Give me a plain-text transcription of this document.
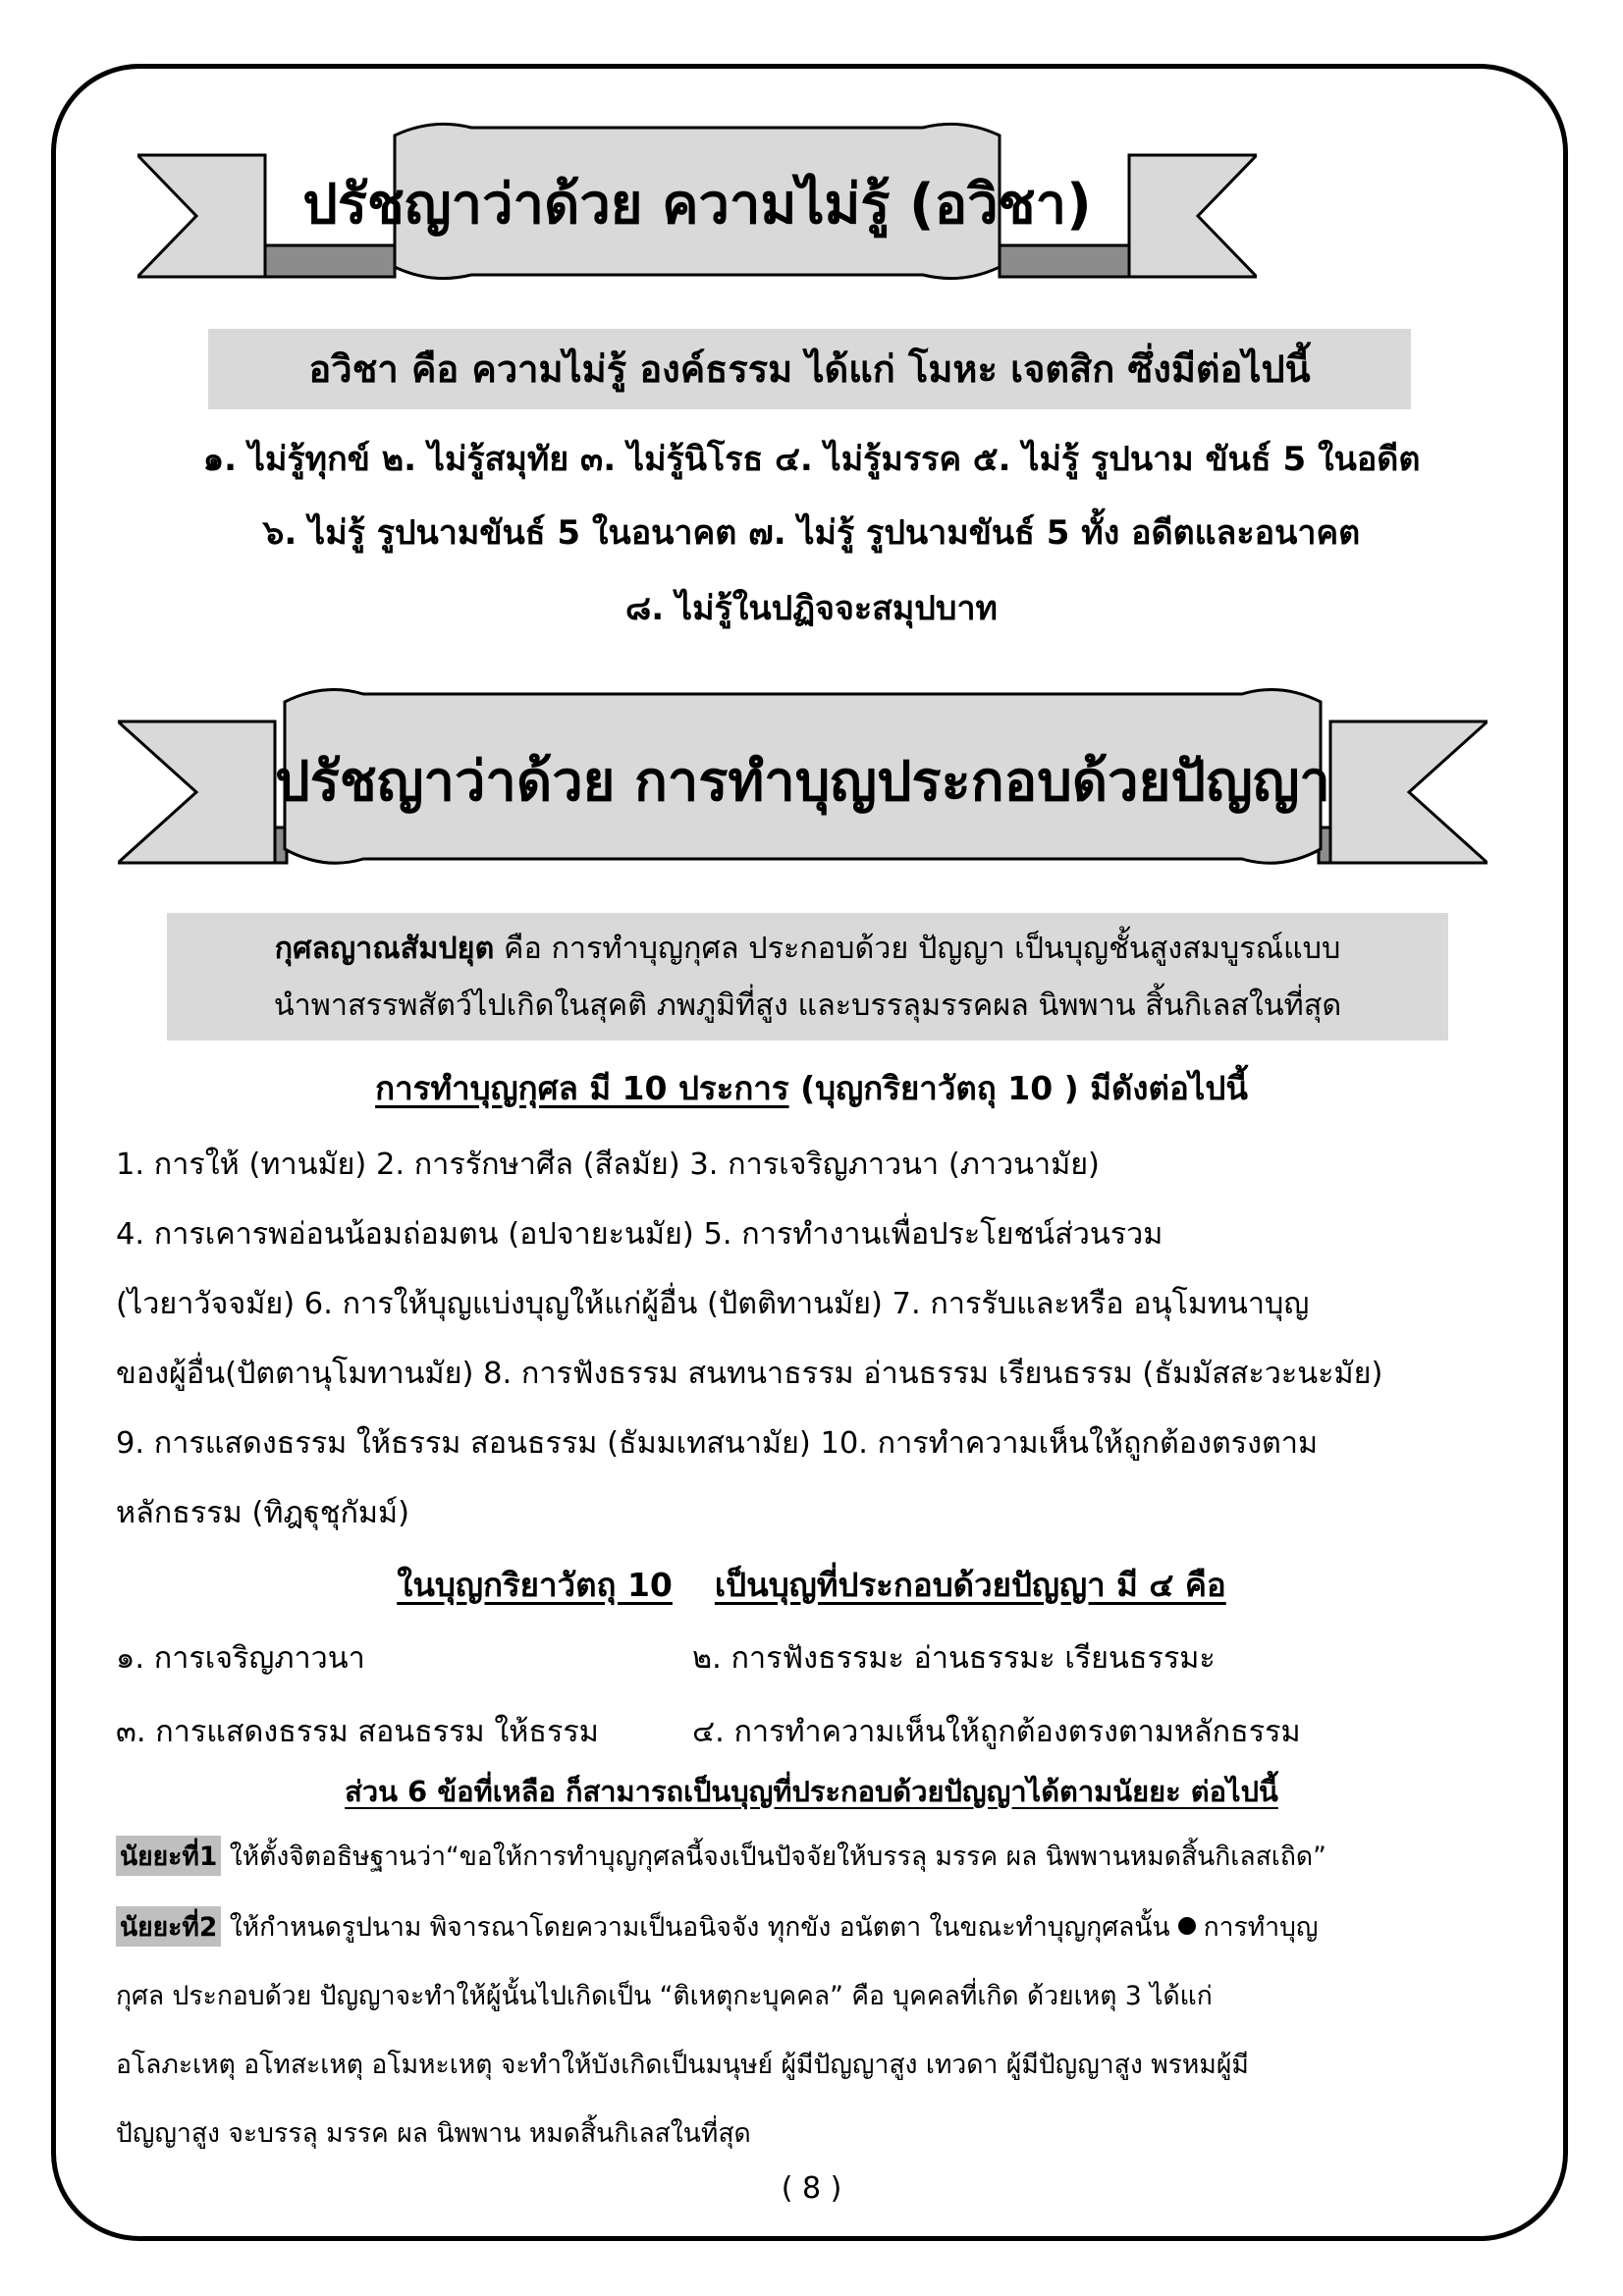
ปรัชญาว่าด้วย ความไม่รู้ (อวิชา)
อวิชา คือ ความไม่รู้ องค์ธรรม ได้แก่ โมหะ เจตสิก ซึ่งมีต่อไปนี้
๑. ไม่รู้ทุกข์ ๒. ไม่รู้สมุทัย ๓. ไม่รู้นิโรธ ๔. ไม่รู้มรรค ๕. ไม่รู้ รูปนาม ขันธ์ 5 ในอดีต
๖. ไม่รู้ รูปนามขันธ์ 5 ในอนาคต ๗. ไม่รู้ รูปนามขันธ์ 5 ทั้ง อดีตและอนาคต
๘. ไม่รู้ในปฏิจจะสมุปบาท
ปรัชญาว่าด้วย การทำบุญประกอบด้วยปัญญา
กุศลญาณสัมปยุต คือ การทำบุญกุศล ประกอบด้วย ปัญญา เป็นบุญชั้นสูงสมบูรณ์แบบ
นำพาสรรพสัตว์ไปเกิดในสุคติ ภพภูมิที่สูง และบรรลุมรรคผล นิพพาน สิ้นกิเลสในที่สุด
การทำบุญกุศล มี 10 ประการ (บุญกริยาวัตถุ 10 ) มีดังต่อไปนี้
1. การให้ (ทานมัย) 2. การรักษาศีล (สีลมัย) 3. การเจริญภาวนา (ภาวนามัย)
4. การเคารพอ่อนน้อมถ่อมตน (อปจายะนมัย) 5. การทำงานเพื่อประโยชน์ส่วนรวม
(ไวยาวัจจมัย) 6. การให้บุญแบ่งบุญให้แก่ผู้อื่น (ปัตติทานมัย) 7. การรับและหรือ อนุโมทนาบุญ
ของผู้อื่น(ปัตตานุโมทานมัย) 8. การฟังธรรม สนทนาธรรม อ่านธรรม เรียนธรรม (ธัมมัสสะวะนะมัย)
9. การแสดงธรรม ให้ธรรม สอนธรรม (ธัมมเทสนามัย) 10. การทำความเห็นให้ถูกต้องตรงตาม
หลักธรรม (ทิฎฐุชุกัมม์)
ในบุญกริยาวัตถุ 10 เป็นบุญที่ประกอบด้วยปัญญา มี ๔ คือ
๑. การเจริญภาวนา	๒. การฟังธรรมะ อ่านธรรมะ เรียนธรรมะ
๓. การแสดงธรรม สอนธรรม ให้ธรรม	๔. การทำความเห็นให้ถูกต้องตรงตามหลักธรรม
ส่วน 6 ข้อที่เหลือ ก็สามารถเป็นบุญที่ประกอบด้วยปัญญาได้ตามนัยยะ ต่อไปนี้
นัยยะที่1 ให้ตั้งจิตอธิษฐานว่า“ขอให้การทำบุญกุศลนี้จงเป็นปัจจัยให้บรรลุ มรรค ผล นิพพานหมดสิ้นกิเลสเถิด”
นัยยะที่2 ให้กำหนดรูปนาม พิจารณาโดยความเป็นอนิจจัง ทุกขัง อนัตตา ในขณะทำบุญกุศลนั้น การทำบุญ
กุศล ประกอบด้วย ปัญญาจะทำให้ผู้นั้นไปเกิดเป็น “ติเหตุกะบุคคล” คือ บุคคลที่เกิด ด้วยเหตุ 3 ได้แก่
อโลภะเหตุ อโทสะเหตุ อโมหะเหตุ จะทำให้บังเกิดเป็นมนุษย์ ผู้มีปัญญาสูง เทวดา ผู้มีปัญญาสูง พรหมผู้มี
ปัญญาสูง จะบรรลุ มรรค ผล นิพพาน หมดสิ้นกิเลสในที่สุด
( 8 )
